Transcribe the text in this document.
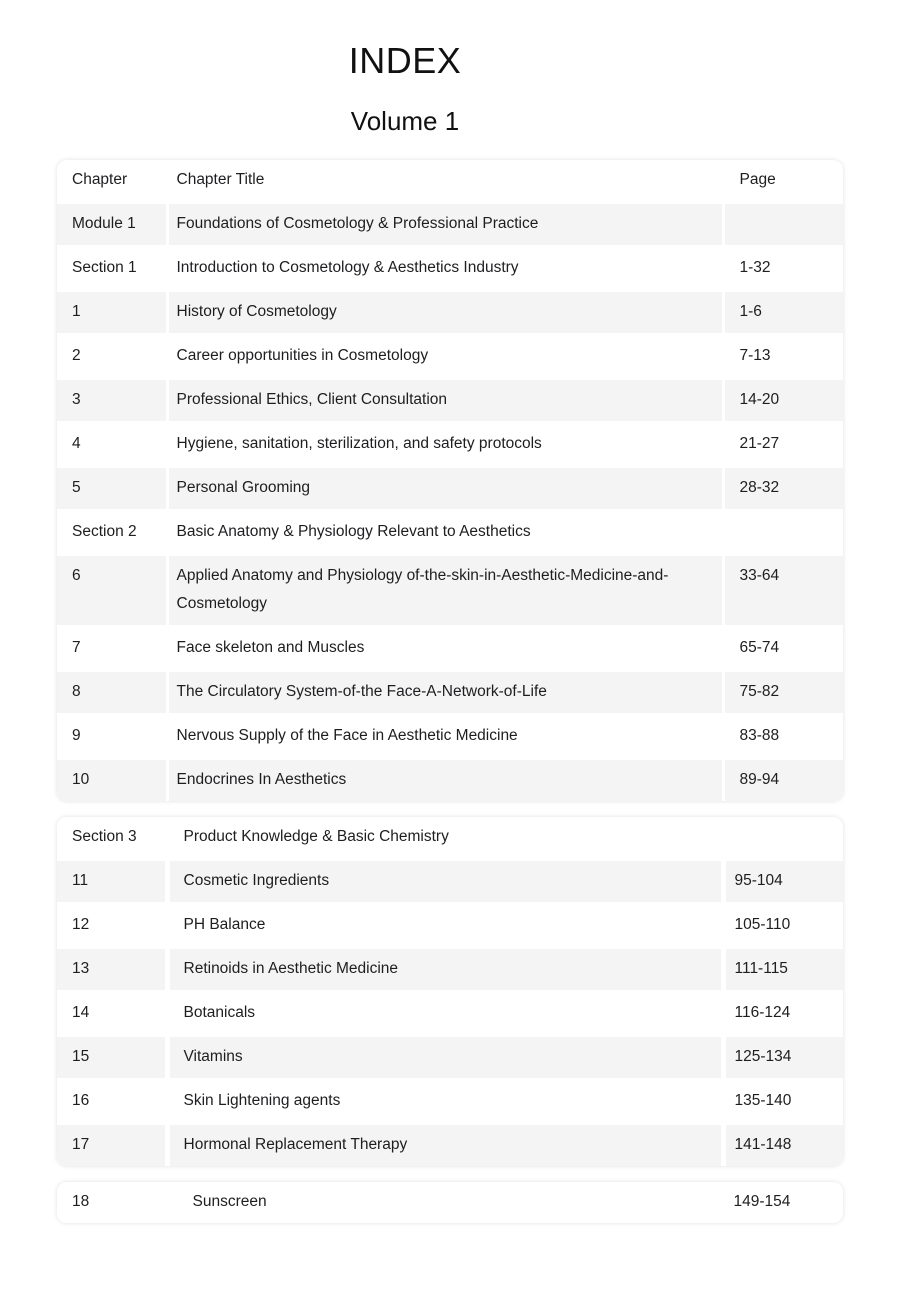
INDEX
Volume 1
Chapter	Chapter Title	Page
Module 1	Foundations of Cosmetology & Professional Practice	
Section 1	Introduction to Cosmetology & Aesthetics Industry	1-32
1	History of Cosmetology	1-6
2	Career opportunities in Cosmetology	7-13
3	Professional Ethics, Client Consultation	14-20
4	Hygiene, sanitation, sterilization, and safety protocols	21-27
5	Personal Grooming	28-32
Section 2	Basic Anatomy & Physiology Relevant to Aesthetics	
6	Applied Anatomy and Physiology of-the-skin-in-Aesthetic-Medicine-and-Cosmetology	33-64
7	Face skeleton and Muscles	65-74
8	The Circulatory System-of-the Face-A-Network-of-Life	75-82
9	Nervous Supply of the Face in Aesthetic Medicine	83-88
10	Endocrines In Aesthetics	89-94
Section 3	Product Knowledge & Basic Chemistry	
11	Cosmetic Ingredients	95-104
12	PH Balance	105-110
13	Retinoids in Aesthetic Medicine	111-115
14	Botanicals	116-124
15	Vitamins	125-134
16	Skin Lightening agents	135-140
17	Hormonal Replacement Therapy	141-148
18	Sunscreen	149-154
